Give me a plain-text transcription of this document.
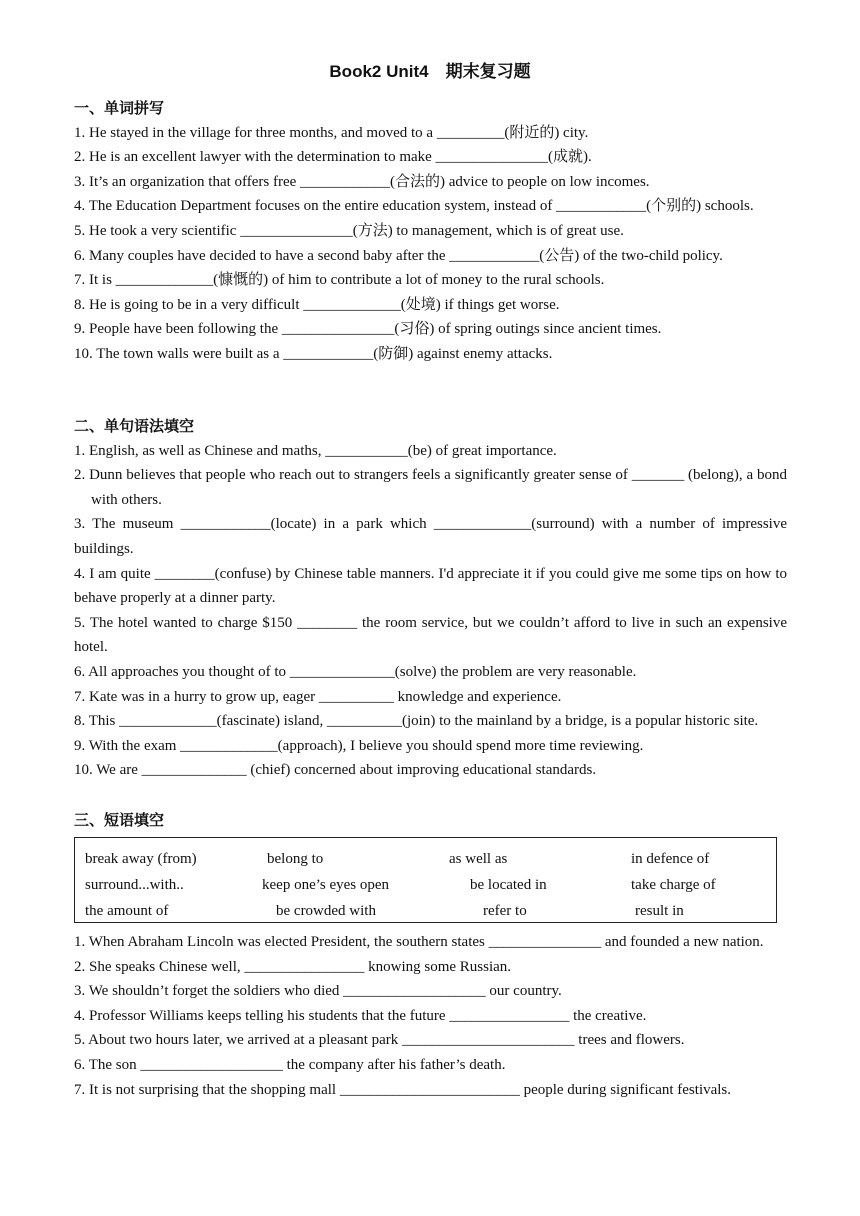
Book2 Unit4　期末复习题

一、单词拼写

1. He stayed in the village for three months, and moved to a _________(附近的) city.

2. He is an excellent lawyer with the determination to make _______________(成就).

3. It’s an organization that offers free ____________(合法的) advice to people on low incomes.

4. The Education Department focuses on the entire education system, instead of ____________(个别的) schools.

5. He took a very scientific _______________(方法) to management, which is of great use.

6. Many couples have decided to have a second baby after the ____________(公告) of the two-child policy.

7. It is _____________(慷慨的) of him to contribute a lot of money to the rural schools.

8. He is going to be in a very difficult _____________(处境) if things get worse.

9. People have been following the _______________(习俗) of spring outings since ancient times.

10. The town walls were built as a ____________(防御) against enemy attacks.

二、单句语法填空

1. English, as well as Chinese and maths, ___________(be) of great importance.

2. Dunn believes that people who reach out to strangers feels a significantly greater sense of _______ (belong), a bond with others.

3. The museum ____________(locate) in a park which _____________(surround) with a number of impressive buildings.

4. I am quite ________(confuse) by Chinese table manners. I'd appreciate it if you could give me some tips on how to behave properly at a dinner party.

5. The hotel wanted to charge $150 ________ the room service, but we couldn’t afford to live in such an expensive hotel.

6. All approaches you thought of to ______________(solve) the problem are very reasonable.

7. Kate was in a hurry to grow up, eager __________ knowledge and experience.

8. This _____________(fascinate) island, __________(join) to the mainland by a bridge, is a popular historic site.

9. With the exam _____________(approach), I believe you should spend more time reviewing.

10. We are ______________ (chief) concerned about improving educational standards.

三、短语填空

break away (from)	belong to	as well as	in defence of
surround...with..	keep one’s eyes open	be located in	take charge of
the amount of	be crowded with	refer to	result in

1. When Abraham Lincoln was elected President, the southern states _______________ and founded a new nation.

2. She speaks Chinese well, ________________ knowing some Russian.

3. We shouldn’t forget the soldiers who died ___________________ our country.

4. Professor Williams keeps telling his students that the future ________________ the creative.

5. About two hours later, we arrived at a pleasant park _______________________ trees and flowers.

6. The son ___________________ the company after his father’s death.

7. It is not surprising that the shopping mall ________________________ people during significant festivals.
